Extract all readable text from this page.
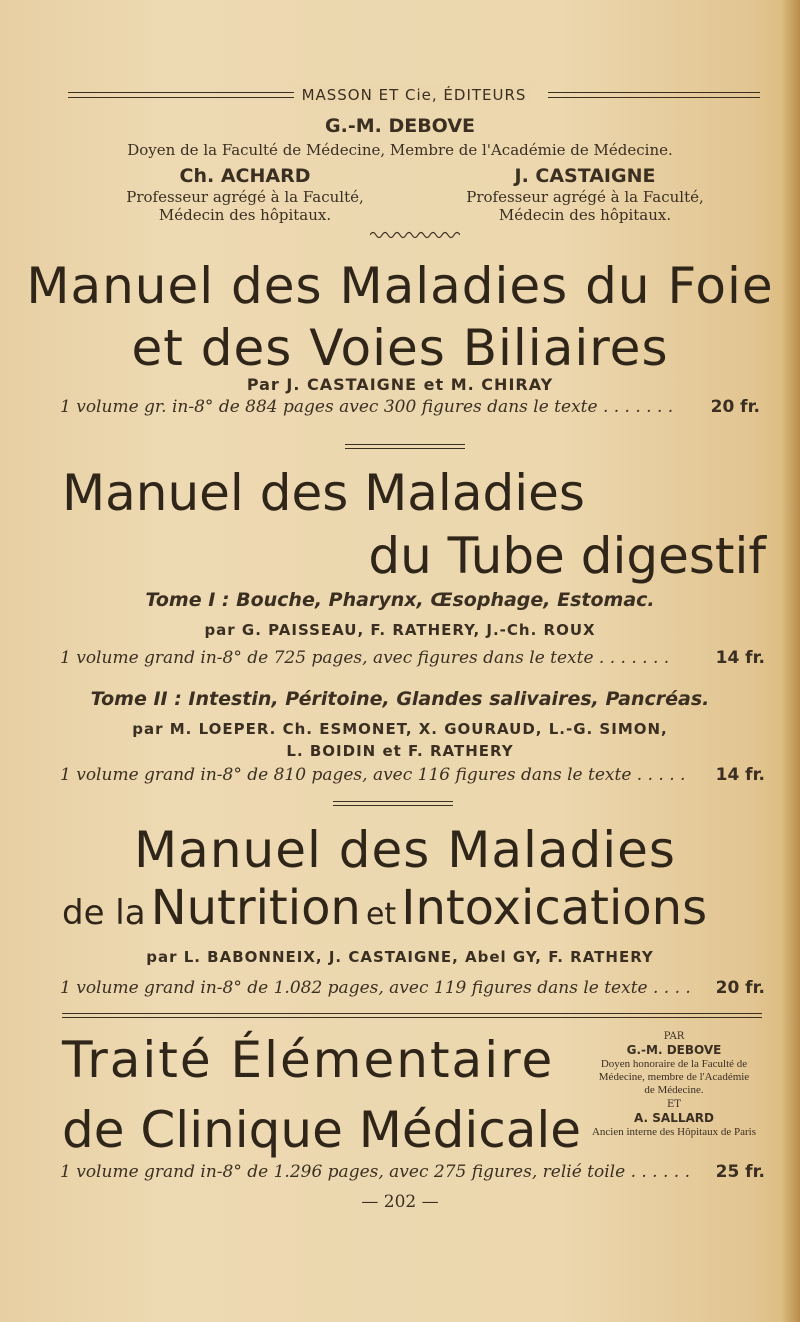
MASSON ET Cie, ÉDITEURS
G.-M. DEBOVE
Doyen de la Faculté de Médecine, Membre de l'Académie de Médecine.
Ch. ACHARD
Professeur agrégé à la Faculté,
Médecin des hôpitaux.
J. CASTAIGNE
Professeur agrégé à la Faculté,
Médecin des hôpitaux.
Manuel des Maladies du Foie
et des Voies Biliaires
Par J. CASTAIGNE et M. CHIRAY
1 volume gr. in-8° de 884 pages avec 300 figures dans le texte . . . . . . . 20 fr.
Manuel des Maladies
du Tube digestif
Tome I : Bouche, Pharynx, Œsophage, Estomac.
par G. PAISSEAU, F. RATHERY, J.-Ch. ROUX
1 volume grand in-8° de 725 pages, avec figures dans le texte . . . . . . .	14 fr.
Tome II : Intestin, Péritoine, Glandes salivaires, Pancréas.
par M. LOEPER. Ch. ESMONET, X. GOURAUD, L.-G. SIMON,
L. BOIDIN et F. RATHERY
1 volume grand in-8° de 810 pages, avec 116 figures dans le texte . . . . . 14 fr.
Manuel des Maladies
de la Nutrition et Intoxications
par L. BABONNEIX, J. CASTAIGNE, Abel GY, F. RATHERY
1 volume grand in-8° de 1.082 pages, avec 119 figures dans le texte . . . . 20 fr.
Traité Élémentaire
de Clinique Médicale
PAR
G.-M. DEBOVE
Doyen honoraire de la Faculté de
Médecine, membre de l'Académie
de Médecine.
ET
A. SALLARD
Ancien interne des Hôpitaux de Paris
1 volume grand in-8° de 1.296 pages, avec 275 figures, relié toile . . . . . . 25 fr.
— 202 —
